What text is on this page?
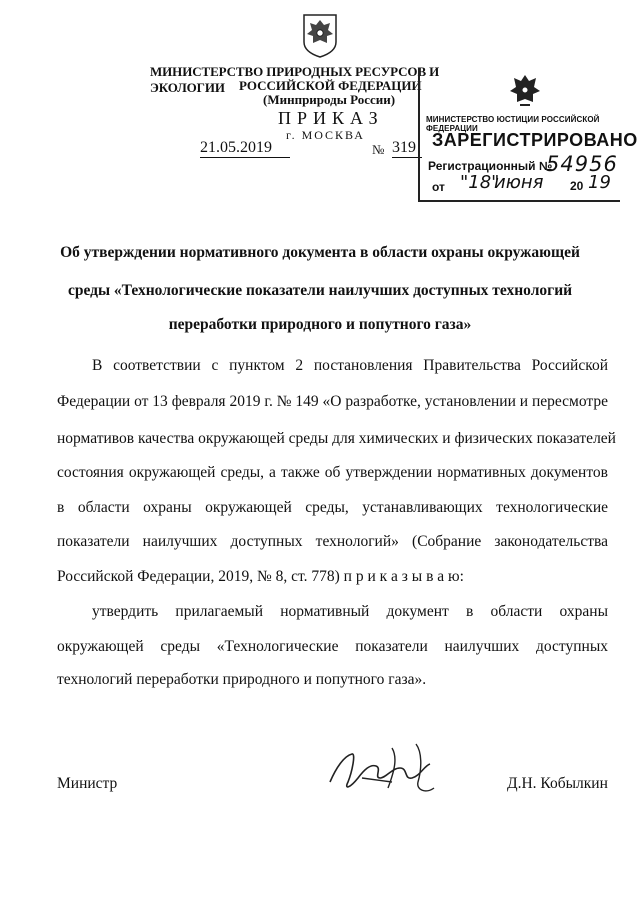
МИНИСТЕРСТВО ПРИРОДНЫХ РЕСУРСОВ И ЭКОЛОГИИ	РОССИЙСКОЙ ФЕДЕРАЦИИ
(Минприроды России)
ПРИКАЗ
г. МОСКВА
21.05.2019	№ 319
МИНИСТЕРСТВО ЮСТИЦИИ РОССИЙСКОЙ ФЕДЕРАЦИИ
ЗАРЕГИСТРИРОВАНО
Регистрационный №
54956
от "18"
июня 20 19
Об утверждении нормативного документа в области охраны окружающей
среды «Технологические показатели наилучших доступных технологий
переработки природного и попутного газа»
В соответствии с пунктом 2 постановления Правительства Российской
Федерации от 13 февраля 2019 г. № 149 «О разработке, установлении и пересмотре
нормативов качества окружающей среды для химических и физических показателей
состояния окружающей среды, а также об утверждении нормативных документов
в области охраны окружающей среды, устанавливающих технологические
показатели наилучших доступных технологий» (Собрание законодательства
Российской Федерации, 2019, № 8, ст. 778) п р и к а з ы в а ю:
утвердить прилагаемый нормативный документ в области охраны
окружающей среды «Технологические показатели наилучших доступных
технологий переработки природного и попутного газа».
Министр	Д.Н. Кобылкин
